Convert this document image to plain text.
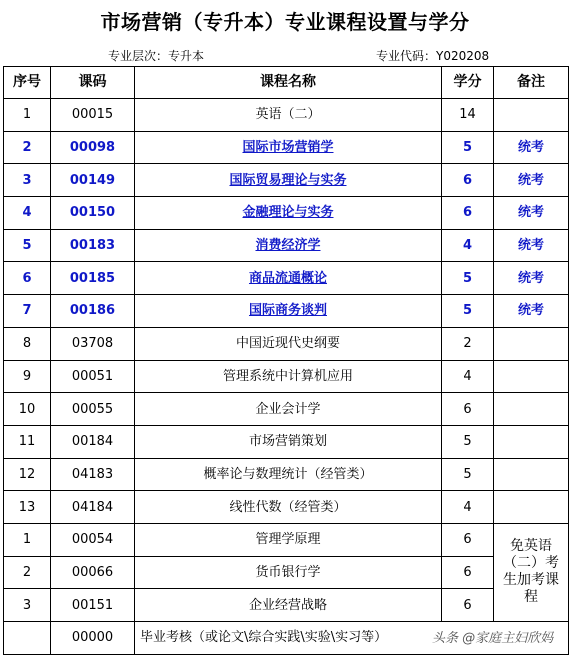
市场营销（专升本）专业课程设置与学分
专业层次：专升本	专业代码：Y020208
序号	课码	课程名称	学分	备注
1	00015	英语（二）	14	
2	00098	国际市场营销学	5	统考
3	00149	国际贸易理论与实务	6	统考
4	00150	金融理论与实务	6	统考
5	00183	消费经济学	4	统考
6	00185	商品流通概论	5	统考
7	00186	国际商务谈判	5	统考
8	03708	中国近现代史纲要	2	
9	00051	管理系统中计算机应用	4	
10	00055	企业会计学	6	
11	00184	市场营销策划	5	
12	04183	概率论与数理统计（经管类）	5	
13	04184	线性代数（经管类）	4	
1	00054	管理学原理	6	免英语（二）考生加考课程
2	00066	货币银行学	6	
3	00151	企业经营战略	6	
	00000	毕业考核（或论文\综合实践\实验\实习等）			头条 @家庭主妇欣妈
